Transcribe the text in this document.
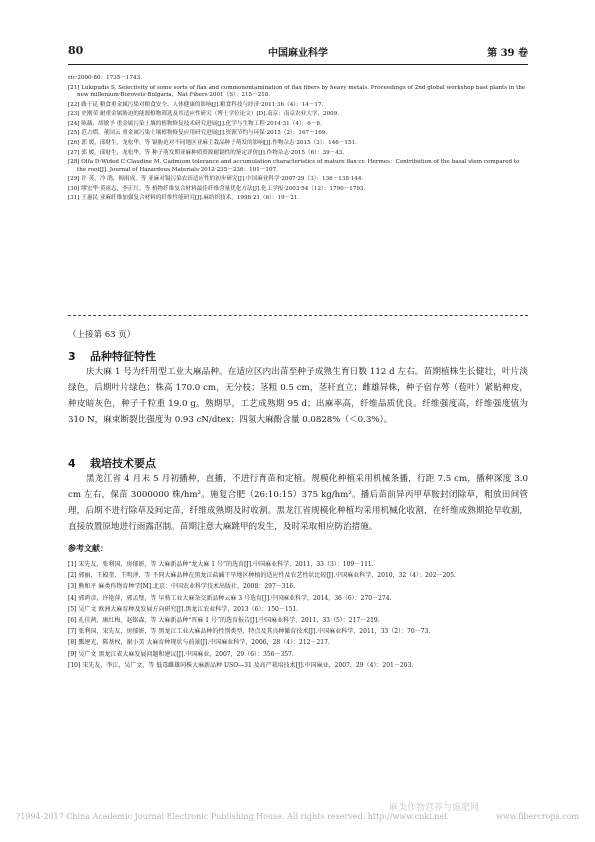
80	中国麻业科学	第 39 卷

ric·2000·80：1735－1743.

[21] Lukipudis S. Selectivity of some sorts of flax and commonontamination of flax fibers by heavy metals. Proceedings of 2nd global workshop bast plants in the new millenium·Borovets·Bulgaria，Nat Fibers·2001（S）：215－218.

[22] 路于昆 粮食重金属污染对粮食安全、人体健康的影响[J].粮食科技与经济·2011·36（4）：14－17.

[23] 史刚荣 耐重金属胁迫的能源植物筛选及其适应性研究（博士学位论文）[D].南京：南京农业大学，2009.

[24] 陈薇，胡敏予 重金属污染土壤的植物修复技术研究进展[J].化学与生物工程·2014·31（4）：6－8.

[25] 范占熠，董国云 重金属污染土壤植物修复应用研究进展[J].资源节约与环保·2015（2）：167－169.

[26] 郭 媛，邱财生，龙松华，等 镉胁迫对不同地区亚麻主栽品种子萌发的影响[J].作物杂志·2015（3）：146－151.

[27] 郭 媛，邱财生，龙松华，等 种子萌发期亚麻种质资源耐镉性的鉴定评价[J].作物杂志·2015（6）：39－43.

[28] Olfa D·Wided C·Claudine M. Cadmium tolerance and accumulation characteristics of mature flax·cv. Hermes：Contribution of the basal stem compared to the root[J]. Journal of Hazardous Materials·2012·235－236：101－107.

[29] 许 英，冷 鹃，揭雨成，等 亚麻对镉污染农田适应性的初步研究[J].中国麻业科学·2007·29（3）：136－138·144.

[30] 缪宏华·黄祖志，李正红，等 植物纤维复合材料最佳纤维含量优化方法[J].化工学报·2003·54（12）：1790－1793.

[31] 王惠民 亚麻纤维加强复合材料的纤维性能研究[J].麻纺织技术，1998·21（6）：19－21.

（上接第 63 页）
3 品种特征特性

庆大麻 1 号为纤用型工业大麻品种。在适应区内出苗至种子成熟生育日数 112 d 左右。苗期植株生长健壮，叶片淡绿色，后期叶片绿色；株高 170.0 cm，无分枝；茎粗 0.5 cm，茎秆直立；雌雄异株，种子宿存萼（苞叶）紧贴种皮，种皮暗灰色，种子千粒重 19.0 g。熟期早，工艺成熟期 95 d；出麻率高，纤维品质优良。纤维强度高，纤维强度值为 310 N，麻束断裂比强度为 0.93 cN/dtex；四氢大麻酚含量 0.0828%（＜0.3%）。

4 栽培技术要点

黑龙江省 4 月末 5 月初播种，直播，不进行育苗和定植。规模化种植采用机械条播，行距 7.5 cm，播种深度 3.0 cm 左右，保苗 3000000 株/hm²。施复合肥（26:10:15）375 kg/hm²。播后苗前异丙甲草胺封闭除草，粗放田间管理，后期不进行除草及间定苗，纤维成熟期及时收割。黑龙江省规模化种植均采用机械化收割，在纤维成熟期抢早收割，直接放置原地进行雨露沤制。苗期注意大麻跳甲的发生，及时采取相应防治措施。

参考文献：

[1] 宋先友，张利国，房郁妍，等 大麻新品种“龙大麻 1 号”的选育[J].中国麻业科学，2011，33（3）：109－111.

[2] 郭丽，王殿奎，王明泽，等 不同大麻品种在黑龙江盐碱干旱地区种植的适应性及农艺性状比较[J].中国麻业科学，2010，32（4）：202－205.

[3] 熊和平 麻类作物育种学[M].北京：中国农业科学技术出版社，2008：297－316.

[4] 郭鸿彦，许艳萍，郭孟璧，等 早熟工业大麻杂交新品种云麻 3 号选育[J].中国麻业科学，2014，36（6）：270－274.

[5] 吴广文 欧洲大麻育种及发展方向研究[J].黑龙江农业科学，2013（6）：150－151.

[6] 孔佳茜，康红梅，赵铭森，等 大麻新品种“晋麻 1 号”的选育报告[J].中国麻业科学，2011，33（5）：217－219.

[7] 张利国，宋先友，房郁妍，等 黑龙江工业大麻品种的性别类型、特点及其良种繁育技术[J].中国麻业科学，2011，33（2）：70－73.

[8] 瓢建光，陈基权，谢小美 大麻育种现状与前景[J].中国麻业科学，2006，28（4）：212－217.

[9] 吴广文 黑龙江省大麻发展问题和建议[J].中国麻业，2007，29（6）：356－357.

[10] 宋先友，李江，吴广文，等 低毒雌雄同株大麻新品种 USO—31 及高产栽培技术[J].中国麻业，2007，29（4）：201－203.

?1994-2017 China Academic Journal Electronic Publishing House. All rights reserved. http://www.cnki.net
麻类作物营养与施肥网
www.fibercrops.com
